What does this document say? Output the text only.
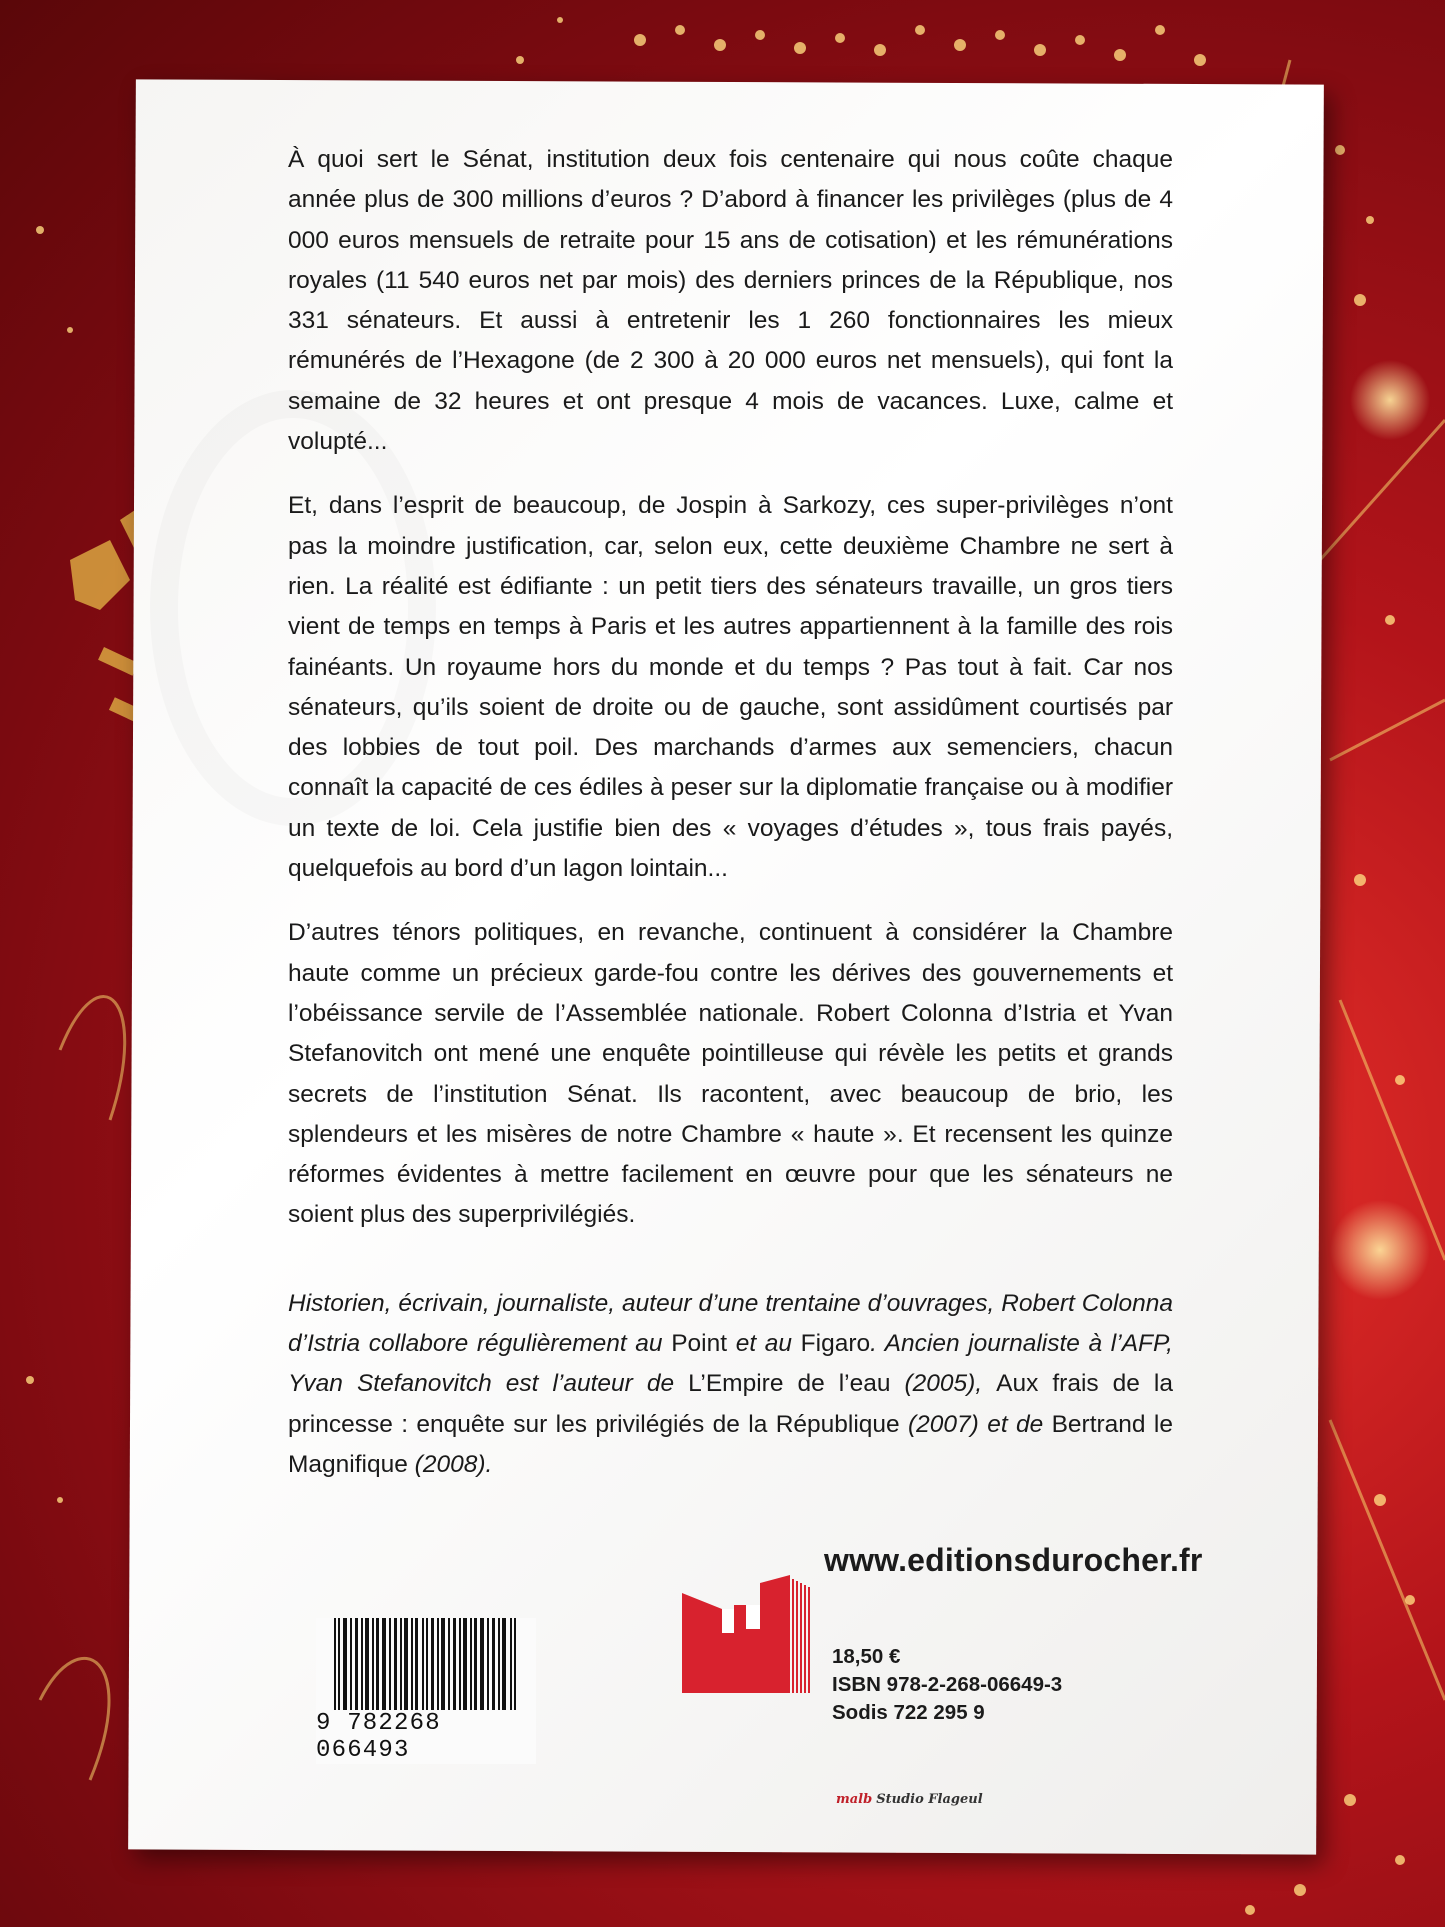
À quoi sert le Sénat, institution deux fois centenaire qui nous coûte chaque année plus de 300 millions d’euros ? D’abord à financer les privilèges (plus de 4 000 euros mensuels de retraite pour 15 ans de cotisation) et les rémunérations royales (11 540 euros net par mois) des derniers princes de la République, nos 331 sénateurs. Et aussi à entretenir les 1 260 fonctionnaires les mieux rémunérés de l’Hexagone (de 2 300 à 20 000 euros net mensuels), qui font la semaine de 32 heures et ont presque 4 mois de vacances. Luxe, calme et volupté...

Et, dans l’esprit de beaucoup, de Jospin à Sarkozy, ces super-privilèges n’ont pas la moindre justification, car, selon eux, cette deuxième Chambre ne sert à rien. La réalité est édifiante : un petit tiers des sénateurs travaille, un gros tiers vient de temps en temps à Paris et les autres appartiennent à la famille des rois fainéants. Un royaume hors du monde et du temps ? Pas tout à fait. Car nos sénateurs, qu’ils soient de droite ou de gauche, sont assidûment courtisés par des lobbies de tout poil. Des marchands d’armes aux semenciers, chacun connaît la capacité de ces édiles à peser sur la diplomatie française ou à modifier un texte de loi. Cela justifie bien des « voyages d’études », tous frais payés, quelquefois au bord d’un lagon lointain...

D’autres ténors politiques, en revanche, continuent à considérer la Chambre haute comme un précieux garde-fou contre les dérives des gouvernements et l’obéissance servile de l’Assemblée nationale. Robert Colonna d’Istria et Yvan Stefanovitch ont mené une enquête pointilleuse qui révèle les petits et grands secrets de l’institution Sénat. Ils racontent, avec beaucoup de brio, les splendeurs et les misères de notre Chambre « haute ». Et recensent les quinze réformes évidentes à mettre facilement en œuvre pour que les sénateurs ne soient plus des superprivilégiés.

Historien, écrivain, journaliste, auteur d’une trentaine d’ouvrages, Robert Colonna d’Istria collabore régulièrement au Point et au Figaro. Ancien journaliste à l’AFP, Yvan Stefanovitch est l’auteur de L’Empire de l’eau (2005), Aux frais de la princesse : enquête sur les privilégiés de la République (2007) et de Bertrand le Magnifique (2008).

www.editionsdurocher.fr
18,50 €
ISBN 978-2-268-06649-3
Sodis 722 295 9
9 782268 066493
malb Studio Flageul
